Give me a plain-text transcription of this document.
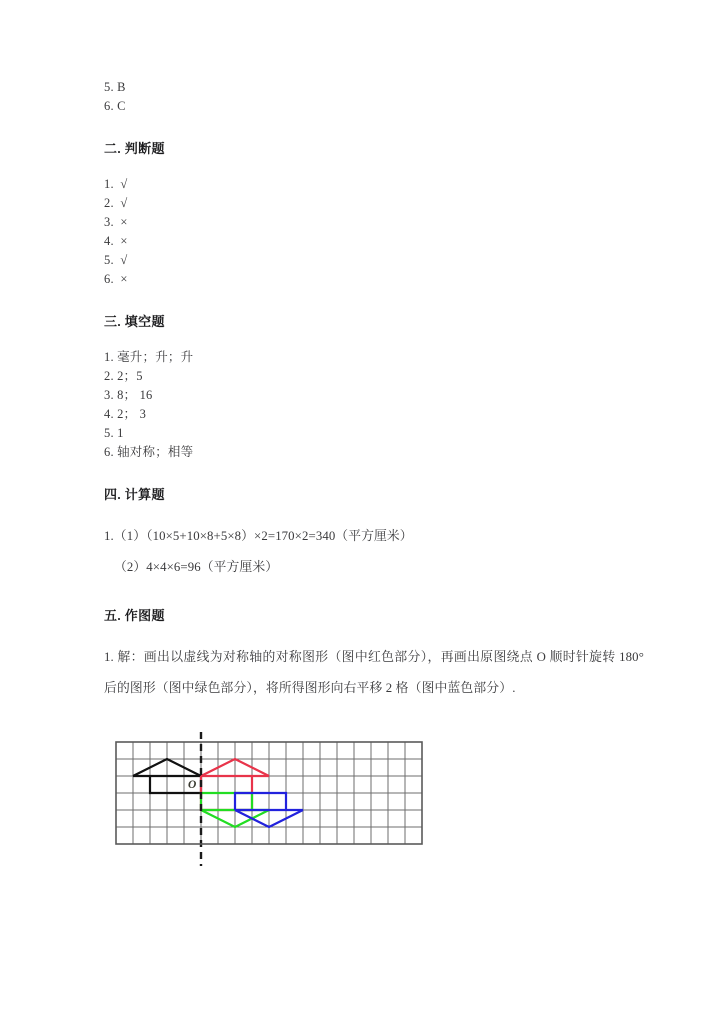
5. B
6. C
二. 判断题
1.  √
2.  √
3.  ×
4.  ×
5.  √
6.  ×
三. 填空题
1. 毫升；升；升
2. 2；5
3. 8； 16
4. 2； 3
5. 1
6. 轴对称；相等
四. 计算题
1.（1）（10×5+10×8+5×8）×2=170×2=340（平方厘米）
（2）4×4×6=96（平方厘米）
五. 作图题
1. 解：画出以虚线为对称轴的对称图形（图中红色部分），再画出原图绕点 O 顺时针旋转 180°后的图形（图中绿色部分），将所得图形向右平移 2 格（图中蓝色部分）.
O
